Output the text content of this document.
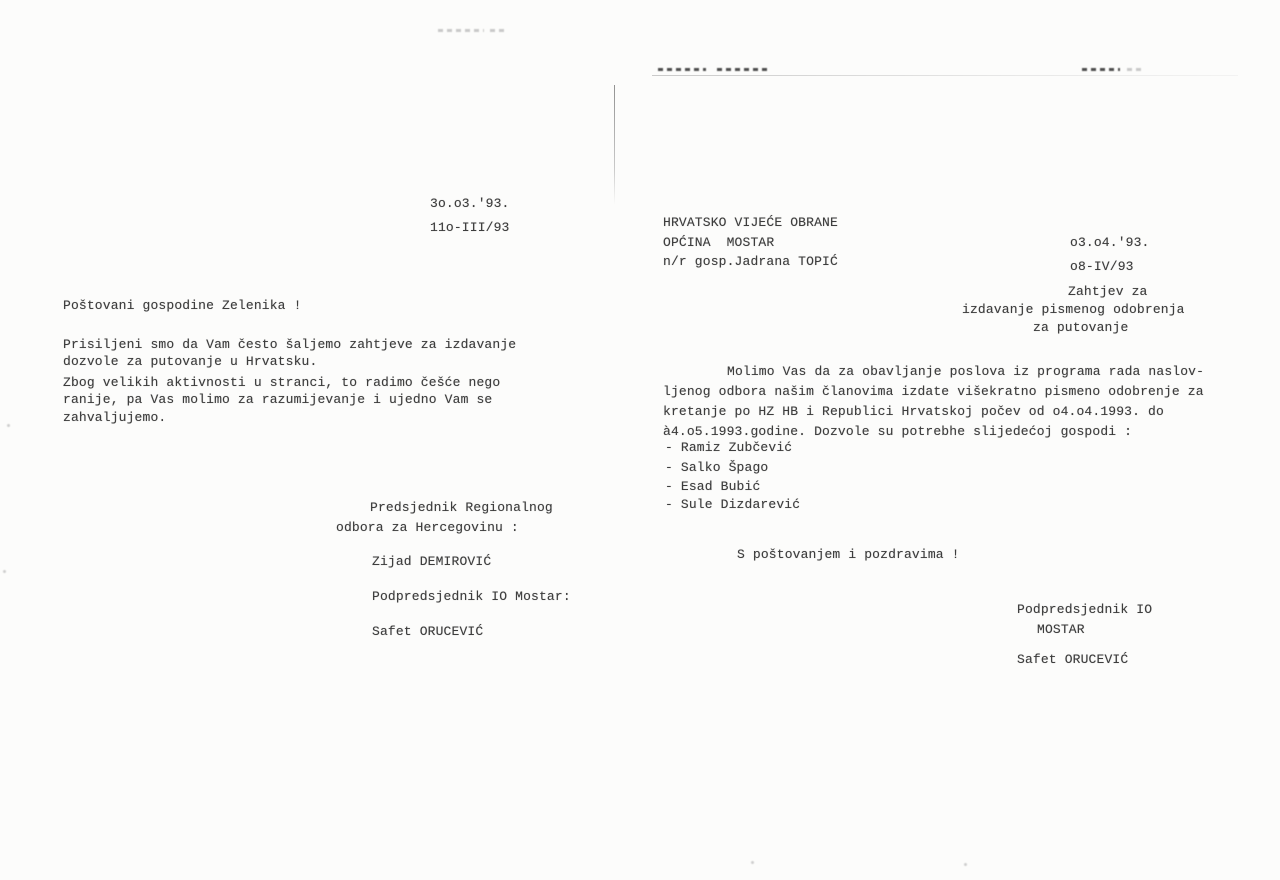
3o.o3.'93.
11o-III/93
Poštovani gospodine Zelenika !
Prisiljeni smo da Vam često šaljemo zahtjeve za izdavanje
dozvole za putovanje u Hrvatsku.
Zbog velikih aktivnosti u stranci, to radimo češće nego
ranije, pa Vas molimo za razumijevanje i ujedno Vam se
zahvaljujemo.
Predsjednik Regionalnog
odbora za Hercegovinu :
Zijad DEMIROVIĆ
Podpredsjednik IO Mostar:
Safet ORUCEVIĆ
HRVATSKO VIJEĆE OBRANE
OPĆINA  MOSTAR
n/r gosp.Jadrana TOPIĆ
o3.o4.'93.
o8-IV/93
Zahtjev za
izdavanje pismenog odobrenja
za putovanje
Molimo Vas da za obavljanje poslova iz programa rada naslov-
ljenog odbora našim članovima izdate višekratno pismeno odobrenje za
kretanje po HZ HB i Republici Hrvatskoj počev od o4.o4.1993. do
à4.o5.1993.godine. Dozvole su potrebhe slijedećoj gospodi :
- Ramiz Zubčević
- Salko Špago
- Esad Bubić
- Sule Dizdarević
S poštovanjem i pozdravima !
Podpredsjednik IO
MOSTAR
Safet ORUCEVIĆ
